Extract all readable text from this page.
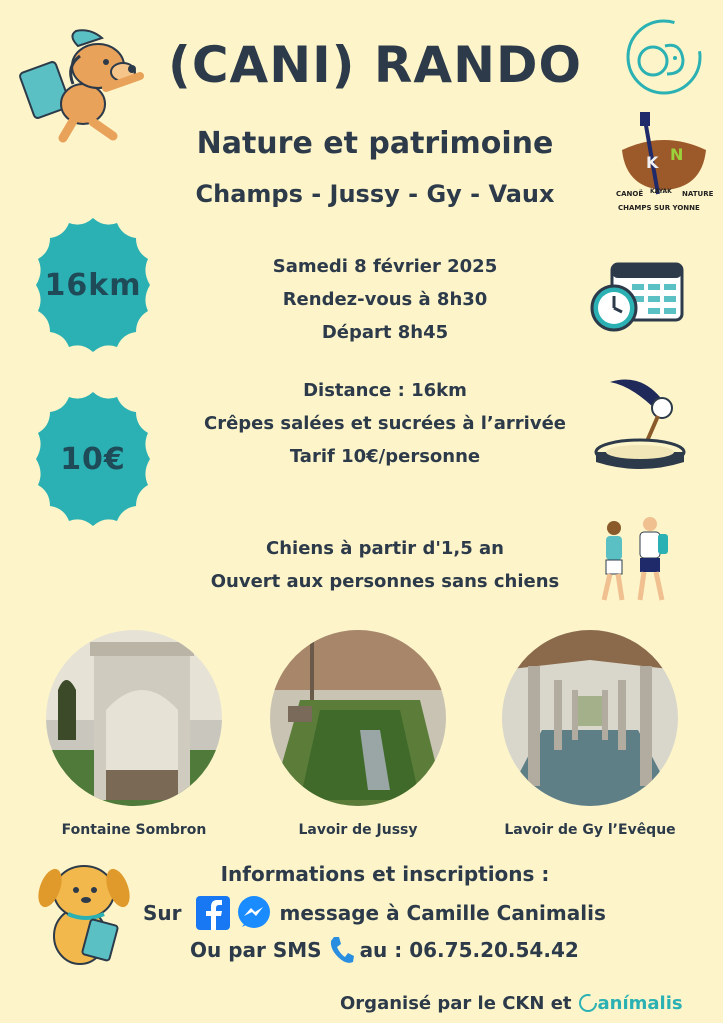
(CANI) RANDO
Nature et patrimoine
Champs - Jussy - Gy - Vaux
K N
CANOË KAYAK NATURE
CHAMPS SUR YONNE
16km
10€
Samedi 8 février 2025
Rendez-vous à 8h30
Départ 8h45
Distance : 16km
Crêpes salées et sucrées à l’arrivée
Tarif 10€/personne
Chiens à partir d'1,5 an
Ouvert aux personnes sans chiens
Fontaine Sombron	Lavoir de Jussy	Lavoir de Gy l’Evêque
Informations et inscriptions :
Sur	message à Camille Canimalis
Ou par SMS au : 06.75.20.54.42
Organisé par le CKN et anímalis
